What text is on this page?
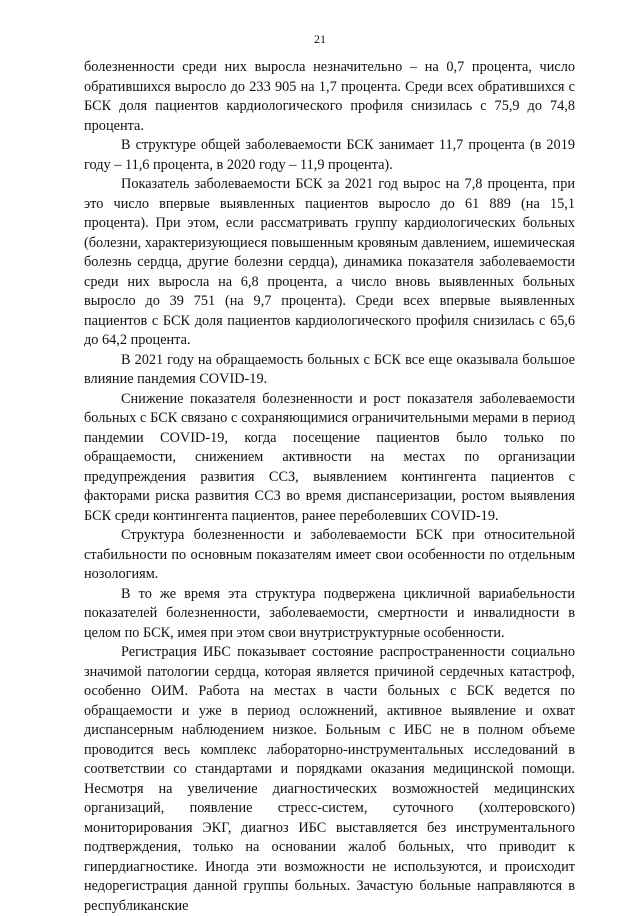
21

болезненности среди них выросла незначительно – на 0,7 процента, число обратившихся выросло до 233 905 на 1,7 процента. Среди всех обратившихся с БСК доля пациентов кардиологического профиля снизилась с 75,9 до 74,8 процента.

В структуре общей заболеваемости БСК занимает 11,7 процента (в 2019 году – 11,6 процента, в 2020 году – 11,9 процента).

Показатель заболеваемости БСК за 2021 год вырос на 7,8 процента, при это число впервые выявленных пациентов выросло до 61 889 (на 15,1 процента). При этом, если рассматривать группу кардиологических больных (болезни, характеризующиеся повышенным кровяным давлением, ишемическая болезнь сердца, другие болезни сердца), динамика показателя заболеваемости среди них выросла на 6,8 процента, а число вновь выявленных больных выросло до 39 751 (на 9,7 процента). Среди всех впервые выявленных пациентов с БСК доля пациентов кардиологического профиля снизилась с 65,6 до 64,2 процента.

В 2021 году на обращаемость больных с БСК все еще оказывала большое влияние пандемия COVID-19.

Снижение показателя болезненности и рост показателя заболеваемости больных с БСК связано с сохраняющимися ограничительными мерами в период пандемии COVID-19, когда посещение пациентов было только по обращаемости, снижением активности на местах по организации предупреждения развития ССЗ, выявлением контингента пациентов с факторами риска развития ССЗ во время диспансеризации, ростом выявления БСК среди контингента пациентов, ранее переболевших COVID-19.

Структура болезненности и заболеваемости БСК при относительной стабильности по основным показателям имеет свои особенности по отдельным нозологиям.

В то же время эта структура подвержена цикличной вариабельности показателей болезненности, заболеваемости, смертности и инвалидности в целом по БСК, имея при этом свои внутриструктурные особенности.

Регистрация ИБС показывает состояние распространенности социально значимой патологии сердца, которая является причиной сердечных катастроф, особенно ОИМ. Работа на местах в части больных с БСК ведется по обращаемости и уже в период осложнений, активное выявление и охват диспансерным наблюдением низкое. Больным с ИБС не в полном объеме проводится весь комплекс лабораторно-инструментальных исследований в соответствии со стандартами и порядками оказания медицинской помощи. Несмотря на увеличение диагностических возможностей медицинских организаций, появление стресс-систем, суточного (холтеровского) мониторирования ЭКГ, диагноз ИБС выставляется без инструментального подтверждения, только на основании жалоб больных, что приводит к гипердиагностике. Иногда эти возможности не используются, и происходит недорегистрация данной группы больных. Зачастую больные направляются в республиканские
